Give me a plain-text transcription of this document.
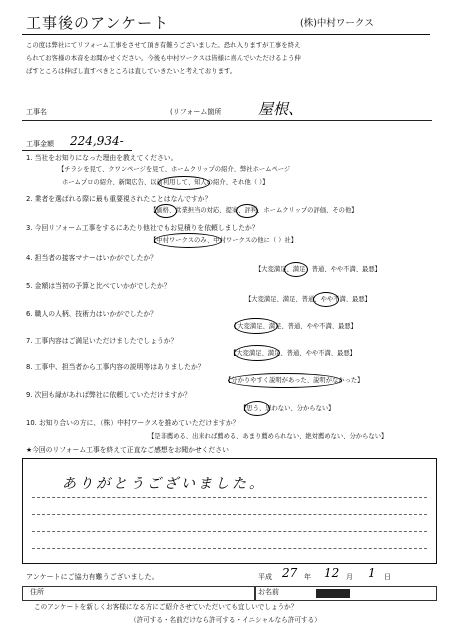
工事後のアンケート	(株)中村ワークス
この度は弊社にてリフォーム工事をさせて頂き有難うございました。恐れ入りますが工事を終え
られてお客様の本音をお聞かせください。今後も中村ワークスは皆様に喜んでいただけるよう伸
ばすところは伸ばし直すべきところは直していきたいと考えております。
工事名	(リフォーム箇所 屋根、
工事金額 224,934-
1. 当社をお知りになった理由を教えてください。
【チラシを見て、クワンページを見て、ホームクリップの紹介、弊社ホームページ
ホームプロの紹介、新聞広告、以前利用して、知人の紹介、それ他（ ）】
2. 業者を選ばれる際に最も重要視されたことはなんですか？
【価格、営業担当の対応、提案、評判、ホームクリップの評価、その他】
3. 今回リフォーム工事をするにあたり他社でもお見積りを依頼しましたか？
【中村ワークスのみ、中村ワークスの他に（ ）社】
4. 担当者の接客マナーはいかがでしたか？
【大変満足、満足、普通、やや不満、最悪】
5. 金額は当初の予算と比べていかがでしたか？
【大変満足、満足、普通、やや不満、最悪】
6. 職人の人柄、技術力はいかがでしたか？
【大変満足、満足、普通、やや不満、最悪】
7. 工事内容はご満足いただけましたでしょうか？
【大変満足、満足、普通、やや不満、最悪】
8. 工事中、担当者から工事内容の説明等はありましたか？
【分かりやすく説明があった、説明がなかった】
9. 次回も縁があれば弊社に依頼していただけますか？
【思う、思わない、分からない】
10. お知り合いの方に、（株）中村ワークスを推めていただけますか？
【是非薦める、出来れば薦める、あまり薦められない、絶対薦めない、分からない】
★今回のリフォーム工事を終えて正直なご感想をお聞かせください
ありがとうございました。
アンケートにご協力有難うございました。	平成 27 年 12 月 1 日
住所	お名前
このアンケートを新しくお客様になる方にご紹介させていただいても宜しいでしょうか？
（許可する・名前だけなら許可する・イニシャルなら許可する）
